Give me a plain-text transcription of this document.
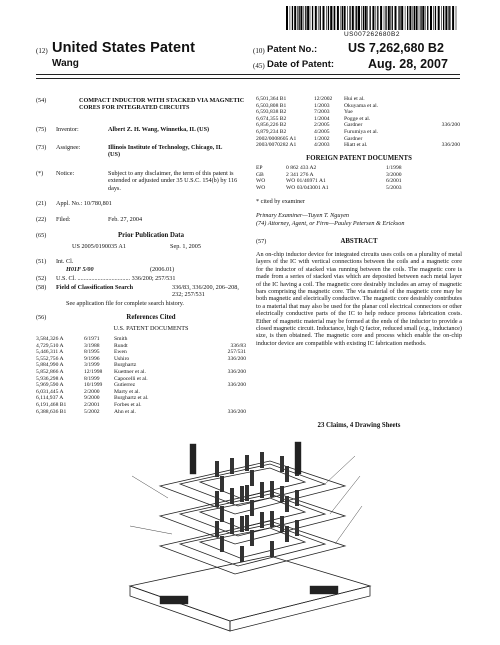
US007262680B2
(12) United States Patent
Wang
(10) Patent No.: US 7,262,680 B2
(45) Date of Patent:	Aug. 28, 2007
(54)	COMPACT INDUCTOR WITH STACKED VIA MAGNETIC CORES FOR INTEGRATED CIRCUITS
(75)	Inventor:	Albert Z. H. Wang, Winnetka, IL (US)
(73)	Assignee:	Illinois Institute of Technology, Chicago, IL (US)
(*)	Notice:	Subject to any disclaimer, the term of this patent is extended or adjusted under 35 U.S.C. 154(b) by 116 days.
(21)	Appl. No.: 10/780,801
(22)	Filed:	Feb. 27, 2004
(65)	Prior Publication Data
US 2005/0190035 A1	Sep. 1, 2005
(51)	Int. Cl.
H01F 5/00	(2006.01)
(52)	U.S. Cl. .................................. 336/200; 257/531
(58)	Field of Classification Search	336/83, 336/200, 206–208, 232; 257/531
See application file for complete search history.
(56)	References Cited
U.S. PATENT DOCUMENTS
3,584,326 A	6/1971	Smith
4,729,510 A	3/1988	Rundt	336/83
5,446,311 A	8/1995	Ewen	257/531
5,552,756 A	9/1996	Ushiro	336/200
5,884,990 A	3/1999	Burghartz
5,852,866 A	12/1998	Kuettner et al.	336/200
5,936,298 A	8/1999	Capocelli et al.
5,969,590 A	10/1999	Gutierrez	336/200
6,031,445 A	2/2000	Marty et al.
6,114,937 A	9/2000	Burghartz et al.
6,191,468 B1	2/2001	Forbes et al.
6,388,636 B1	5/2002	Ahn et al.	336/200
6,501,364 B1	12/2002	Hui et al.
6,503,808 B1	1/2003	Okuyama et al.
6,593,838 B2	7/2003	Yue
6,674,355 B2	1/2004	Pogge et al.
6,856,226 B2	2/2005	Gardner	336/200
6,879,234 B2	4/2005	Furumiya et al.
2002/0008605 A1	1/2002	Gardner
2003/0070282 A1	4/2003	Hiatt et al.	336/200
FOREIGN PATENT DOCUMENTS
EP	0 862 433 A2	1/1998
GB	2 341 276 A	3/2000
WO	WO 01/46971 A1	6/2001
WO	WO 03/043001 A1	5/2003
* cited by examiner
Primary Examiner—Tuyen T. Nguyen
(74) Attorney, Agent, or Firm—Pauley Petersen & Erickson
(57)	ABSTRACT
An on-chip inductor device for integrated circuits uses coils on a plurality of metal layers of the IC with vertical connections between the coils and a magnetic core for the inductor of stacked vias running between the coils. The magnetic core is made from a series of stacked vias which are deposited between each metal layer of the IC having a coil. The magnetic core desirably includes an array of magnetic bars comprising the magnetic core. The via material of the magnetic core may be both magnetic and electrically conductive. The magnetic core desirably contributes to a material that may also be used for the planar coil electrical connectors or other electrically conductive parts of the IC to help reduce process fabrication costs. Either of magnetic material may be formed at the ends of the inductor to provide a closed magnetic circuit. Inductance, high Q factor, reduced small (e.g., inductance) size, is then obtained. The magnetic core and process which enable the on-chip inductor device are compatible with existing IC fabrication methods.
23 Claims, 4 Drawing Sheets
